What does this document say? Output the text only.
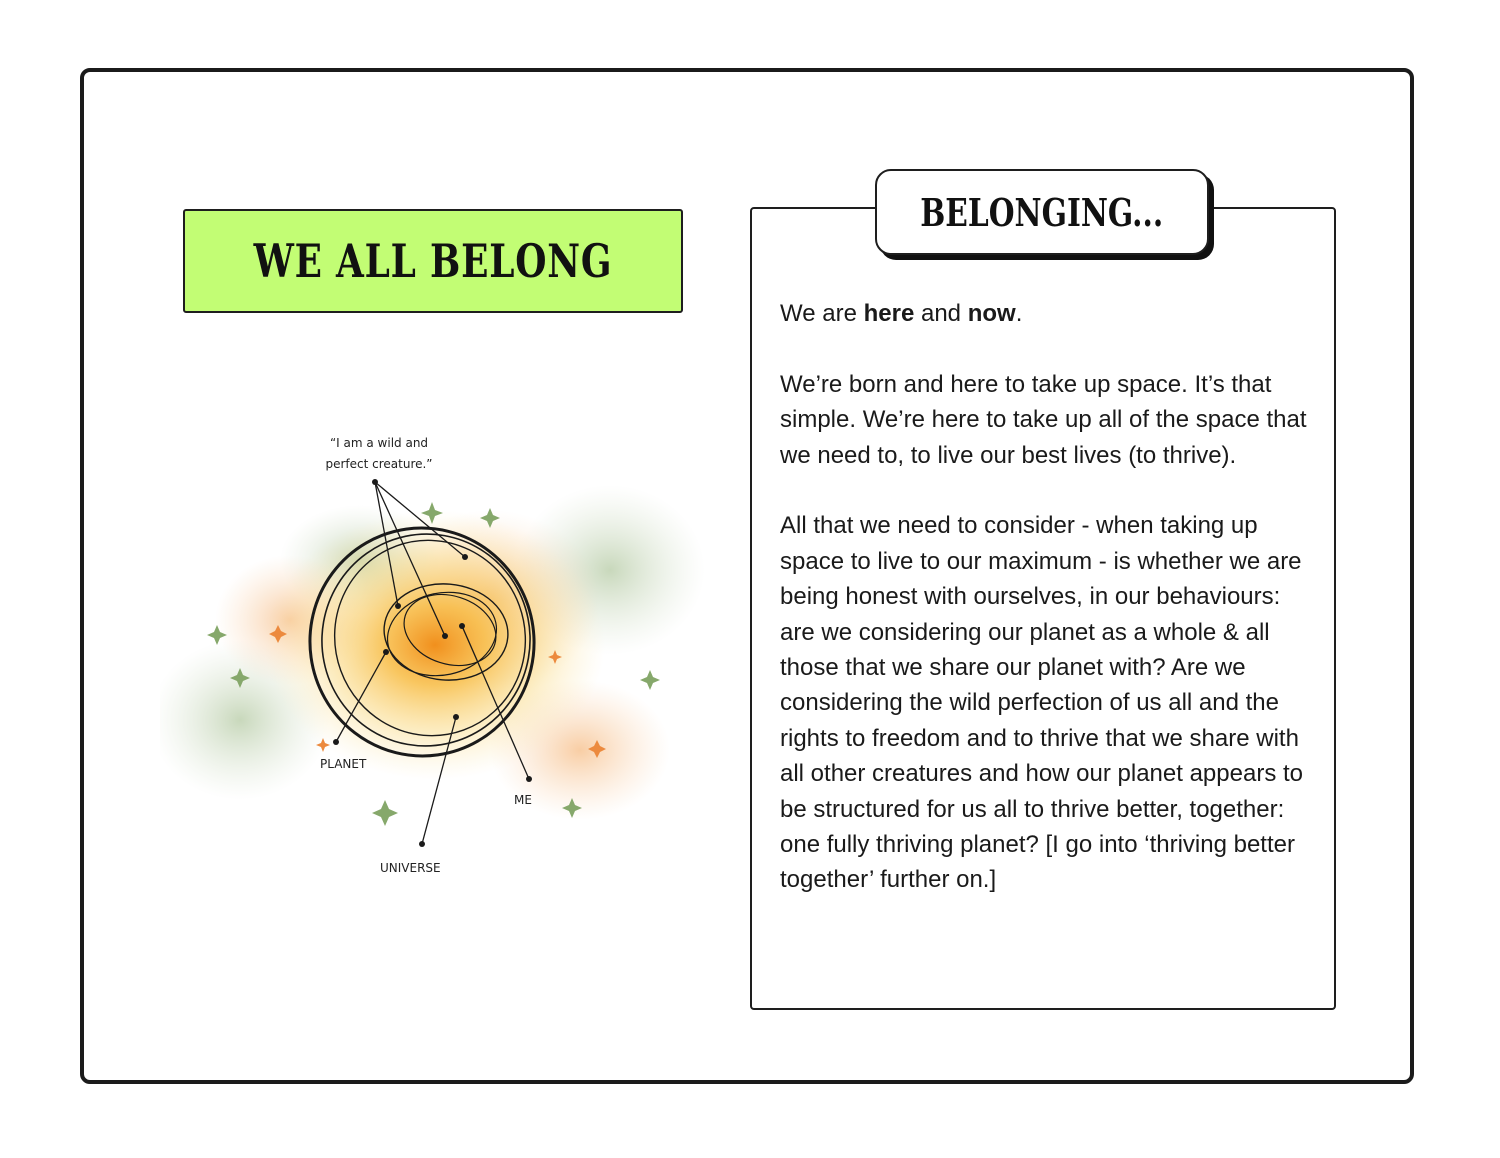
WE ALL BELONG
“I am a wild and
perfect creature.”
PLANET
ME
UNIVERSE
BELONGING...

We are here and now.

We’re born and here to take up space. It’s that simple. We’re here to take up all of the space that we need to, to live our best lives (to thrive).

All that we need to consider - when taking up space to live to our maximum - is whether we are being honest with ourselves, in our behaviours: are we considering our planet as a whole & all those that we share our planet with? Are we considering the wild perfection of us all and the rights to freedom and to thrive that we share with all other creatures and how our planet appears to be structured for us all to thrive better, together: one fully thriving planet? [I go into ‘thriving better together’ further on.]
